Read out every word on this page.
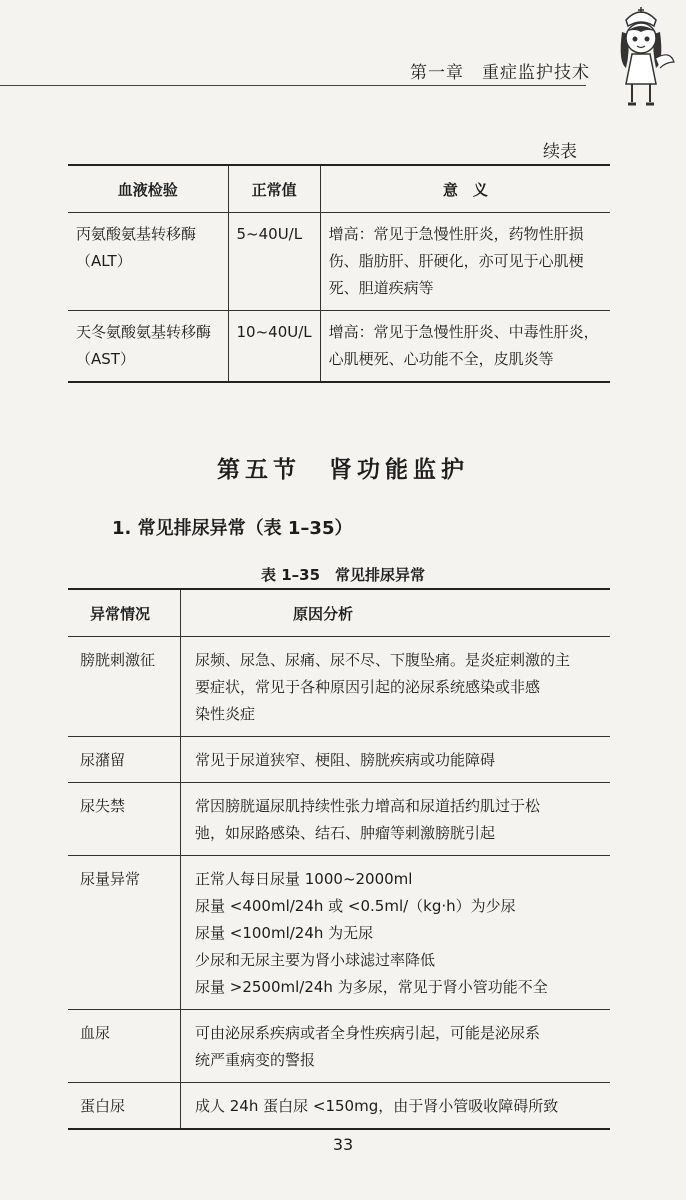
第一章　重症监护技术
续表
血液检验	正常值	意　义
丙氨酸氨基转移酶（ALT）	5~40U/L	增高：常见于急慢性肝炎，药物性肝损伤、脂肪肝、肝硬化，亦可见于心肌梗死、胆道疾病等
天冬氨酸氨基转移酶（AST）	10~40U/L	增高：常见于急慢性肝炎、中毒性肝炎，心肌梗死、心功能不全，皮肌炎等
第五节　肾功能监护
1. 常见排尿异常（表 1–35）
表 1–35　常见排尿异常
异常情况	原因分析
膀胱刺激征	尿频、尿急、尿痛、尿不尽、下腹坠痛。是炎症刺激的主
要症状，常见于各种原因引起的泌尿系统感染或非感
染性炎症

尿潴留	常见于尿道狭窄、梗阻、膀胱疾病或功能障碍

尿失禁	常因膀胱逼尿肌持续性张力增高和尿道括约肌过于松
弛，如尿路感染、结石、肿瘤等刺激膀胱引起

尿量异常	正常人每日尿量 1000~2000ml
尿量 <400ml/24h 或 <0.5ml/（kg·h）为少尿
尿量 <100ml/24h 为无尿
少尿和无尿主要为肾小球滤过率降低
尿量 >2500ml/24h 为多尿，常见于肾小管功能不全

血尿	可由泌尿系疾病或者全身性疾病引起，可能是泌尿系
统严重病变的警报

蛋白尿	成人 24h 蛋白尿 <150mg，由于肾小管吸收障碍所致
33
